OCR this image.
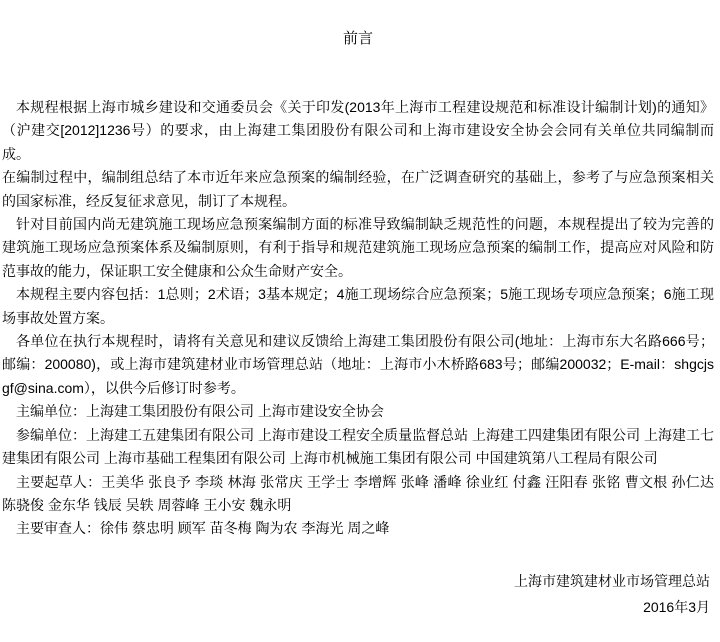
前言

本规程根据上海市城乡建设和交通委员会《关于印发(2013年上海市工程建设规范和标准设计编制计划)的通知》（沪建交[2012]1236号）的要求，由上海建工集团股份有限公司和上海市建设安全协会会同有关单位共同编制而成。

在编制过程中，编制组总结了本市近年来应急预案的编制经验，在广泛调查研究的基础上，参考了与应急预案相关的国家标准，经反复征求意见，制订了本规程。

针对目前国内尚无建筑施工现场应急预案编制方面的标准导致编制缺乏规范性的问题，本规程提出了较为完善的建筑施工现场应急预案体系及编制原则，有利于指导和规范建筑施工现场应急预案的编制工作，提高应对风险和防范事故的能力，保证职工安全健康和公众生命财产安全。

本规程主要内容包括：1总则；2术语；3基本规定；4施工现场综合应急预案；5施工现场专项应急预案；6施工现场事故处置方案。

各单位在执行本规程时，请将有关意见和建议反馈给上海建工集团股份有限公司(地址：上海市东大名路666号；邮编：200080)，或上海市建筑建材业市场管理总站（地址：上海市小木桥路683号；邮编200032；E-mail：shgcjsgf@sina.com），以供今后修订时参考。

主编单位：上海建工集团股份有限公司 上海市建设安全协会

参编单位：上海建工五建集团有限公司 上海市建设工程安全质量监督总站 上海建工四建集团有限公司 上海建工七建集团有限公司 上海市基础工程集团有限公司 上海市机械施工集团有限公司 中国建筑第八工程局有限公司

主要起草人：王美华 张良予 李琰 林海 张常庆 王学士 李增辉 张峰 潘峰 徐业红 付鑫 汪阳春 张铭 曹文根 孙仁达 陈骁俊 金东华 钱辰 吴轶 周蓉峰 王小安 魏永明

主要审查人：徐伟 蔡忠明 顾军 苗冬梅 陶为农 李海光 周之峰

上海市建筑建材业市场管理总站
2016年3月
